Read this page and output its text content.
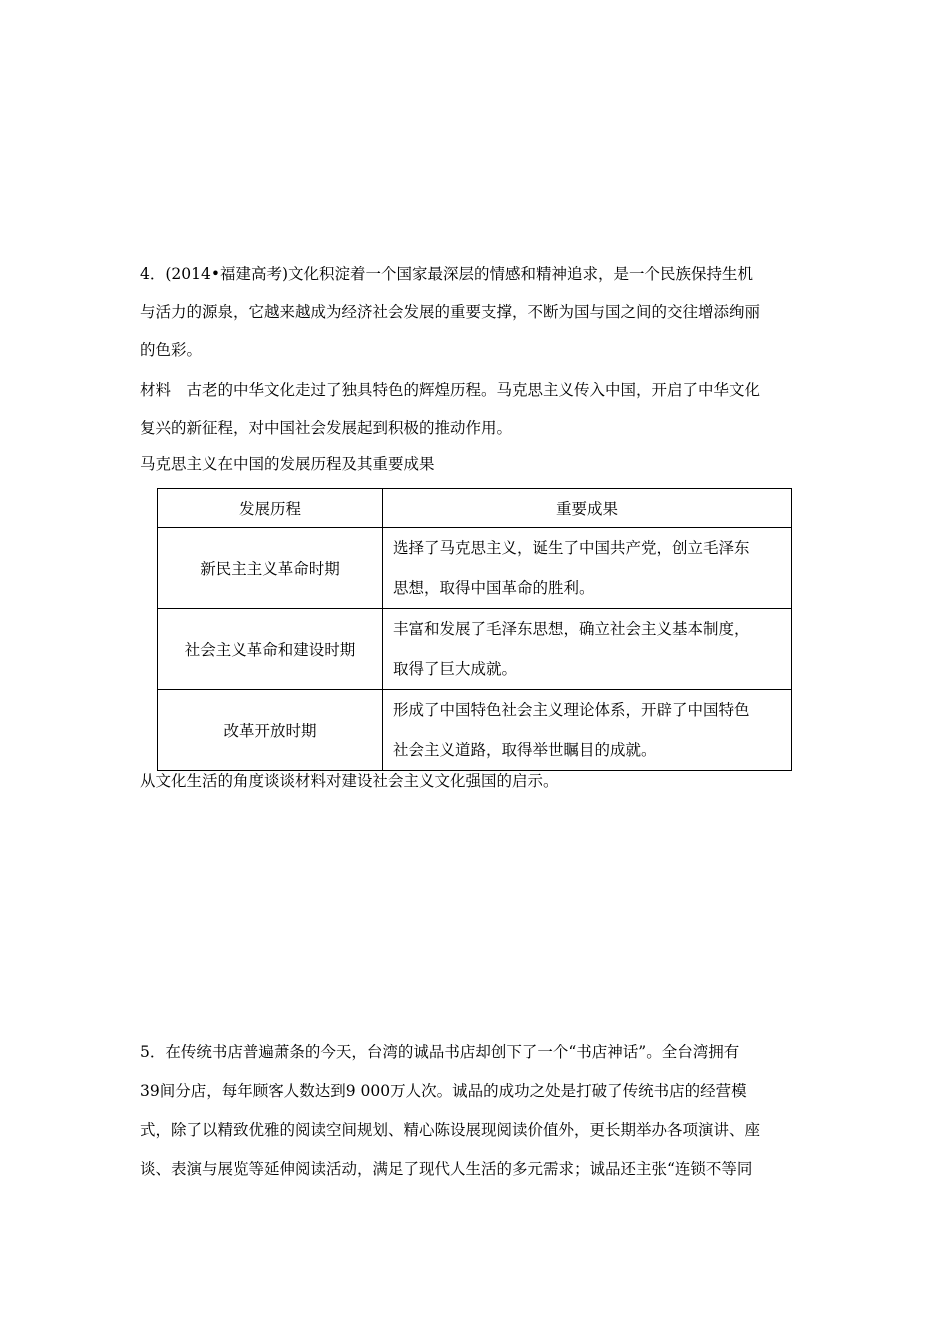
4．(2014•福建高考)文化积淀着一个国家最深层的情感和精神追求，是一个民族保持生机
与活力的源泉，它越来越成为经济社会发展的重要支撑，不断为国与国之间的交往增添绚丽
的色彩。
材料　古老的中华文化走过了独具特色的辉煌历程。马克思主义传入中国，开启了中华文化
复兴的新征程，对中国社会发展起到积极的推动作用。
马克思主义在中国的发展历程及其重要成果
发展历程	重要成果
新民主主义革命时期	选择了马克思主义，诞生了中国共产党，创立毛泽东
思想，取得中国革命的胜利。

社会主义革命和建设时期	丰富和发展了毛泽东思想，确立社会主义基本制度，
取得了巨大成就。

改革开放时期	形成了中国特色社会主义理论体系，开辟了中国特色
社会主义道路，取得举世瞩目的成就。
从文化生活的角度谈谈材料对建设社会主义文化强国的启示。
5．在传统书店普遍萧条的今天，台湾的诚品书店却创下了一个“书店神话”。全台湾拥有
39间分店，每年顾客人数达到9 000万人次。诚品的成功之处是打破了传统书店的经营模
式，除了以精致优雅的阅读空间规划、精心陈设展现阅读价值外，更长期举办各项演讲、座
谈、表演与展览等延伸阅读活动，满足了现代人生活的多元需求；诚品还主张“连锁不等同
